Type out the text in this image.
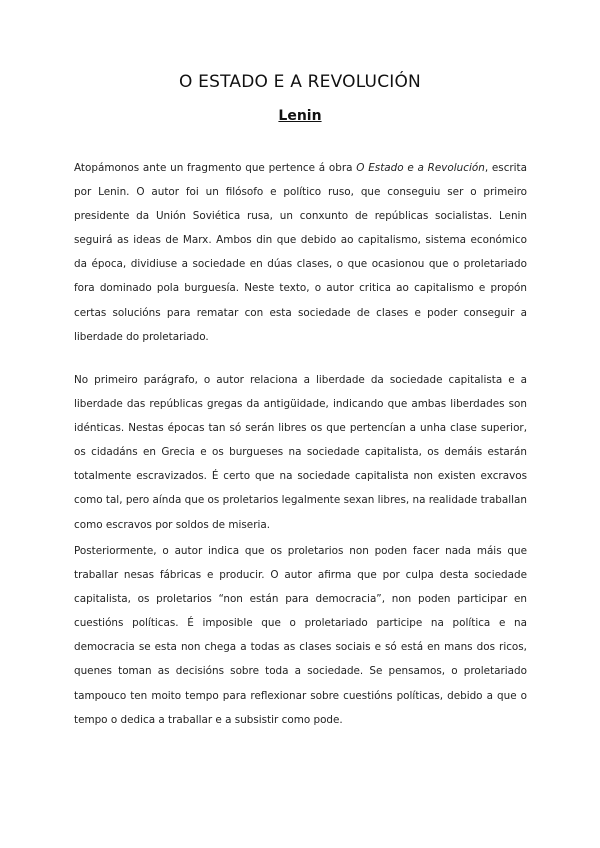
O ESTADO E A REVOLUCIÓN
Lenin

Atopámonos ante un fragmento que pertence á obra O Estado e a Revolución, escrita por Lenin. O autor foi un filósofo e político ruso, que conseguiu ser o primeiro presidente da Unión Soviética rusa, un conxunto de repúblicas socialistas. Lenin seguirá as ideas de Marx. Ambos din que debido ao capitalismo, sistema económico da época, dividiuse a sociedade en dúas clases, o que ocasionou que o proletariado fora dominado pola burguesía. Neste texto, o autor critica ao capitalismo e propón certas solucións para rematar con esta sociedade de clases e poder conseguir a liberdade do proletariado.

No primeiro parágrafo, o autor relaciona a liberdade da sociedade capitalista e a liberdade das repúblicas gregas da antigüidade, indicando que ambas liberdades son idénticas. Nestas épocas tan só serán libres os que pertencían a unha clase superior, os cidadáns en Grecia e os burgueses na sociedade capitalista, os demáis estarán totalmente escravizados. É certo que na sociedade capitalista non existen excravos como tal, pero aínda que os proletarios legalmente sexan libres, na realidade traballan como escravos por soldos de miseria.

Posteriormente, o autor indica que os proletarios non poden facer nada máis que traballar nesas fábricas e producir. O autor afirma que por culpa desta sociedade capitalista, os proletarios “non están para democracia”, non poden participar en cuestións políticas. É imposible que o proletariado participe na política e na democracia se esta non chega a todas as clases sociais e só está en mans dos ricos, quenes toman as decisións sobre toda a sociedade. Se pensamos, o proletariado tampouco ten moito tempo para reflexionar sobre cuestións políticas, debido a que o tempo o dedica a traballar e a subsistir como pode.
